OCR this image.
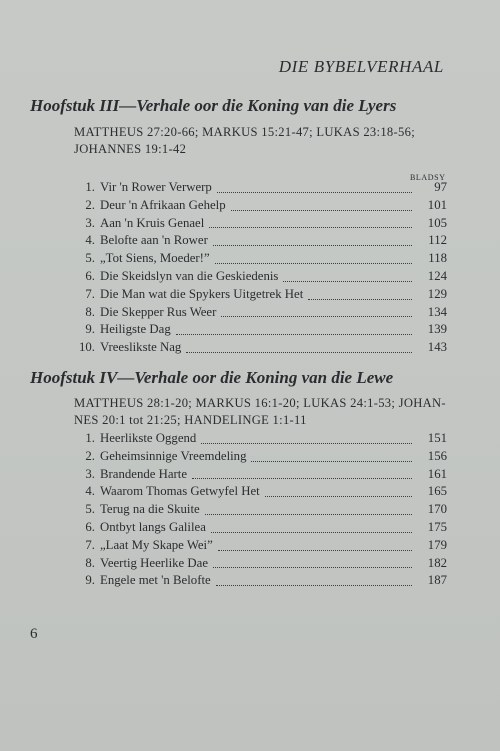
DIE BYBELVERHAAL
Hoofstuk III—Verhale oor die Koning van die Lyers
MATTHEUS 27:20-66; MARKUS 15:21-47; LUKAS 23:18-56;
JOHANNES 19:1-42
BLADSY
1. Vir 'n Rower Verwerp	97
2. Deur 'n Afrikaan Gehelp	101
3. Aan 'n Kruis Genael	105
4. Belofte aan 'n Rower	112
5. „Tot Siens, Moeder!”	118
6. Die Skeidslyn van die Geskiedenis	124
7. Die Man wat die Spykers Uitgetrek Het	129
8. Die Skepper Rus Weer	134
9. Heiligste Dag	139
10. Vreeslikste Nag	143
Hoofstuk IV—Verhale oor die Koning van die Lewe
MATTHEUS 28:1-20; MARKUS 16:1-20; LUKAS 24:1-53; JOHAN-
NES 20:1 tot 21:25; HANDELINGE 1:1-11
1. Heerlikste Oggend	151
2. Geheimsinnige Vreemdeling	156
3. Brandende Harte	161
4. Waarom Thomas Getwyfel Het	165
5. Terug na die Skuite	170
6. Ontbyt langs Galilea	175
7. „Laat My Skape Wei”	179
8. Veertig Heerlike Dae	182
9. Engele met 'n Belofte	187
6
